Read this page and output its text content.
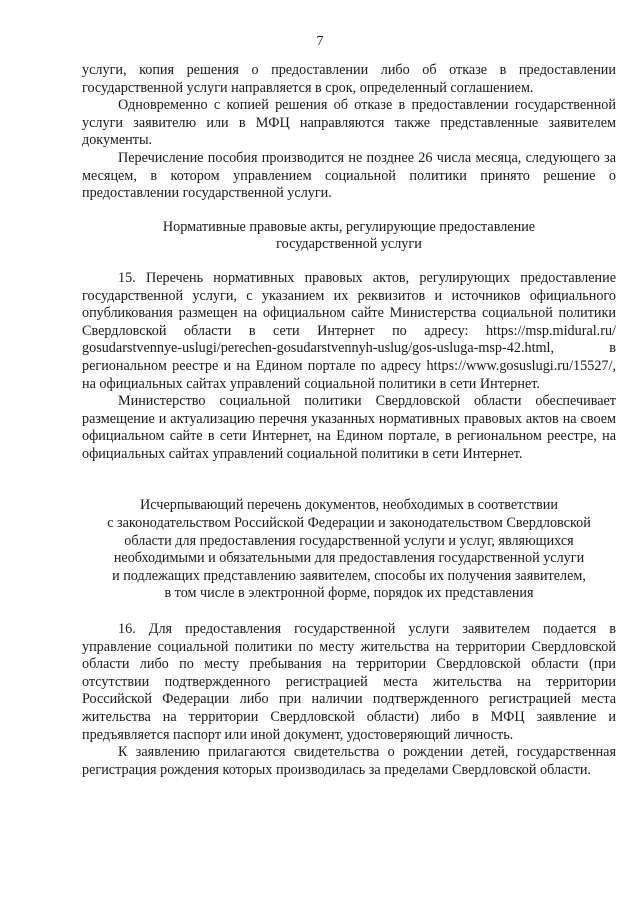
7

услуги, копия решения о предоставлении либо об отказе в предоставлении государственной услуги направляется в срок, определенный соглашением.

Одновременно с копией решения об отказе в предоставлении государственной услуги заявителю или в МФЦ направляются также представленные заявителем документы.

Перечисление пособия производится не позднее 26 числа месяца, следующего за месяцем, в котором управлением социальной политики принято решение о предоставлении государственной услуги.

Нормативные правовые акты, регулирующие предоставление
государственной услуги

15. Перечень нормативных правовых актов, регулирующих предоставление государственной услуги, с указанием их реквизитов и источников официального опубликования размещен на официальном сайте Министерства социальной политики Свердловской области в сети Интернет по адресу: https://msp.midural.ru/ gosudarstvennye-uslugi/perechen-gosudarstvennyh-uslug/gos-usluga-msp-42.html, в региональном реестре и на Едином портале по адресу https://www.gosuslugi.ru/15527/, на официальных сайтах управлений социальной политики в сети Интернет.

Министерство социальной политики Свердловской области обеспечивает размещение и актуализацию перечня указанных нормативных правовых актов на своем официальном сайте в сети Интернет, на Едином портале, в региональном реестре, на официальных сайтах управлений социальной политики в сети Интернет.

Исчерпывающий перечень документов, необходимых в соответствии
с законодательством Российской Федерации и законодательством Свердловской
области для предоставления государственной услуги и услуг, являющихся
необходимыми и обязательными для предоставления государственной услуги
и подлежащих представлению заявителем, способы их получения заявителем,
в том числе в электронной форме, порядок их представления

16. Для предоставления государственной услуги заявителем подается в управление социальной политики по месту жительства на территории Свердловской области либо по месту пребывания на территории Свердловской области (при отсутствии подтвержденного регистрацией места жительства на территории Российской Федерации либо при наличии подтвержденного регистрацией места жительства на территории Свердловской области) либо в МФЦ заявление и предъявляется паспорт или иной документ, удостоверяющий личность.

К заявлению прилагаются свидетельства о рождении детей, государственная регистрация рождения которых производилась за пределами Свердловской области.
